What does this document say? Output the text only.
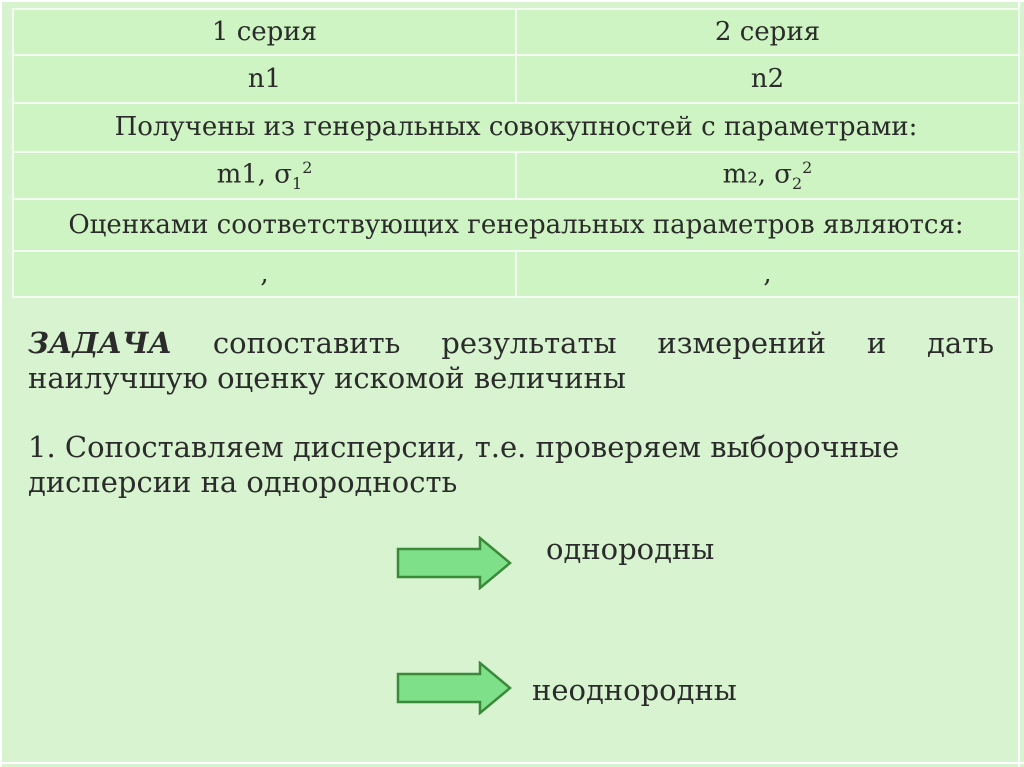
1 серия	2 серия
n1	n2
Получены из генеральных совокупностей с параметрами:	
m1, $\sigma_1^2$	m₂, $\sigma_2^2$
Оценками соответствующих генеральных параметров являются:	
,	,
ЗАДАЧА сопоставить результаты измерений и дать наилучшую оценку искомой величины
1. Сопоставляем дисперсии, т.е. проверяем выборочные дисперсии на однородность
однородны
неоднородны
